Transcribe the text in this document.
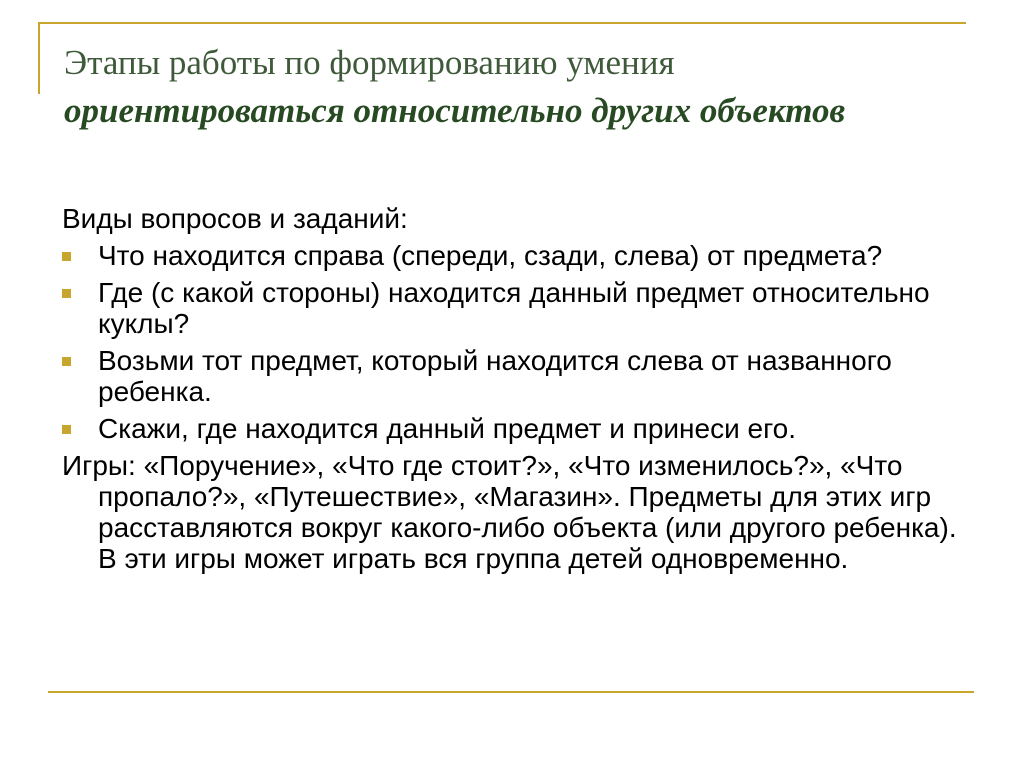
Этапы работы по формированию умения
ориентироваться относительно других объектов
Виды вопросов и заданий:
Что находится справа (спереди, сзади, слева) от предмета?
Где (с какой стороны) находится данный предмет относительно куклы?
Возьми тот предмет, который находится слева от названного ребенка.
Скажи, где находится данный предмет и принеси его.
Игры: «Поручение», «Что где стоит?», «Что изменилось?», «Что пропало?», «Путешествие», «Магазин». Предметы для этих игр расставляются вокруг какого-либо объекта (или другого ребенка). В эти игры может играть вся группа детей одновременно.
